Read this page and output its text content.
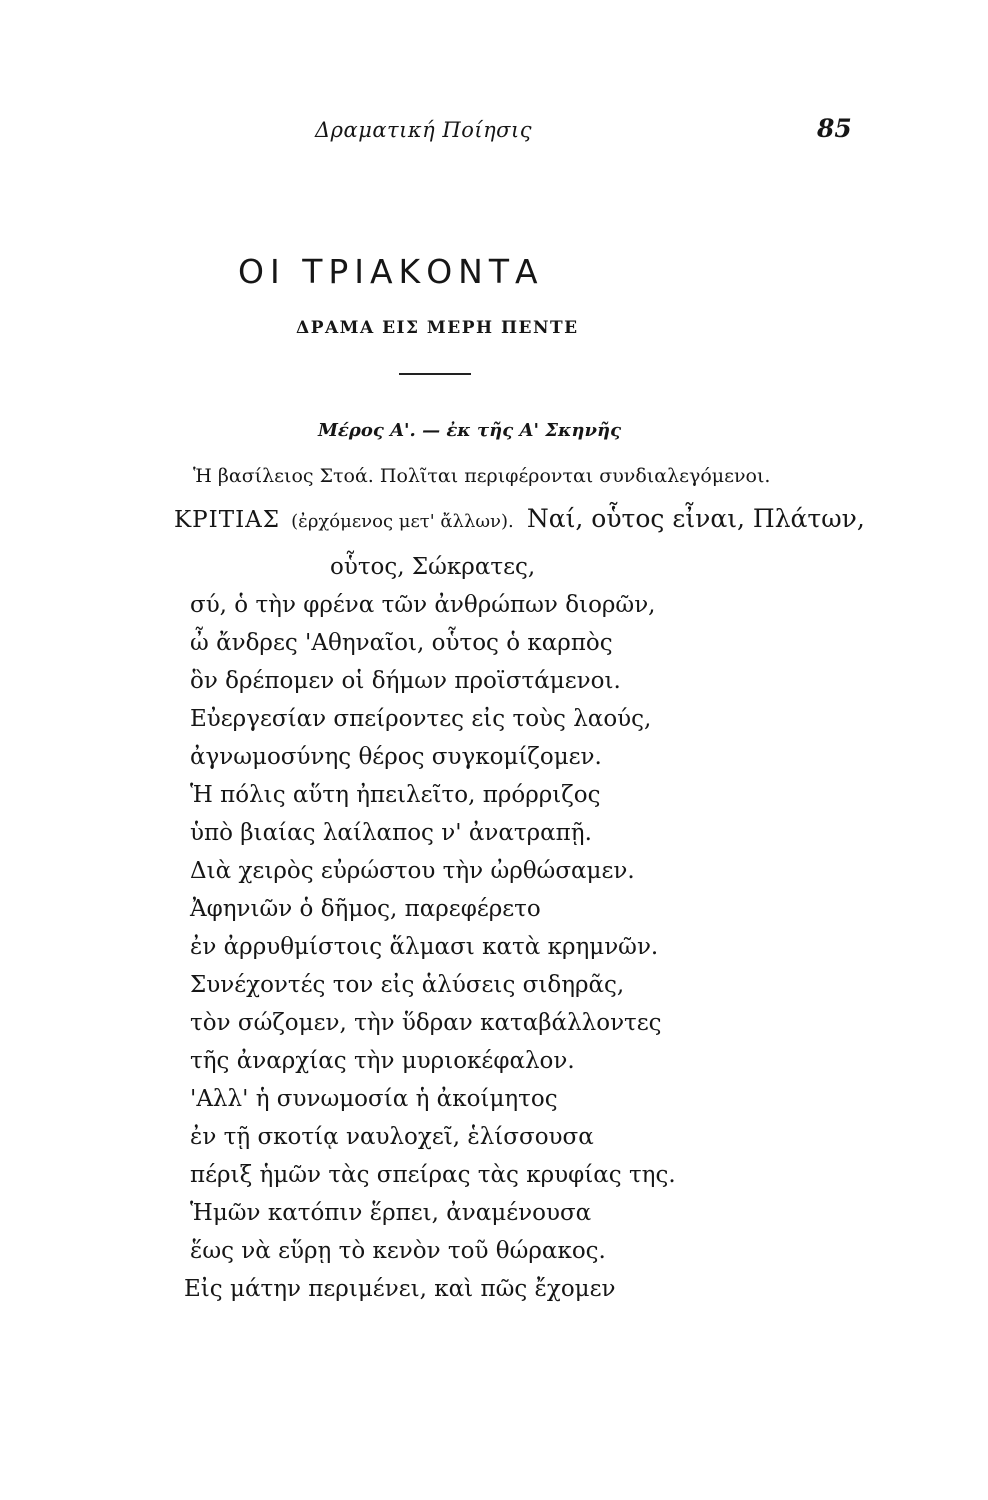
Δραματική Ποίησις	85
ΟΙ ΤΡΙΑΚΟΝΤΑ
ΔΡΑΜΑ ΕΙΣ ΜΕΡΗ ΠΕΝΤΕ
Μέρος Α'. — ἐκ τῆς Α' Σκηνῆς
Ἡ βασίλειος Στοά. Πολῖται περιφέρονται συνδιαλεγόμενοι.
ΚΡΙΤΙΑΣ (ἐρχόμενος μετ' ἄλλων). Ναί, οὗτος εἶναι, Πλάτων,
οὗτος, Σώκρατες,
σύ, ὁ τὴν φρένα τῶν ἀνθρώπων διορῶν,
ὦ ἄνδρες 'Αθηναῖοι, οὗτος ὁ καρπὸς
ὃν δρέπομεν οἱ δήμων προϊστάμενοι.
Εὐεργεσίαν σπείροντες εἰς τοὺς λαούς,
ἀγνωμοσύνης θέρος συγκομίζομεν.
Ἡ πόλις αὕτη ἠπειλεῖτο, πρόρριζος
ὑπὸ βιαίας λαίλαπος ν' ἀνατραπῇ.
Διὰ χειρὸς εὐρώστου τὴν ὠρθώσαμεν.
Ἀφηνιῶν ὁ δῆμος, παρεφέρετο
ἐν ἀρρυθμίστοις ἅλμασι κατὰ κρημνῶν.
Συνέχοντές τον εἰς ἁλύσεις σιδηρᾶς,
τὸν σώζομεν, τὴν ὕδραν καταβάλλοντες
τῆς ἀναρχίας τὴν μυριοκέφαλον.
'Αλλ' ἡ συνωμοσία ἡ ἀκοίμητος
ἐν τῇ σκοτίᾳ ναυλοχεῖ, ἑλίσσουσα
πέριξ ἡμῶν τὰς σπείρας τὰς κρυφίας της.
Ἡμῶν κατόπιν ἕρπει, ἀναμένουσα
ἕως νὰ εὕρῃ τὸ κενὸν τοῦ θώρακος.
Εἰς μάτην περιμένει, καὶ πῶς ἔχομεν
